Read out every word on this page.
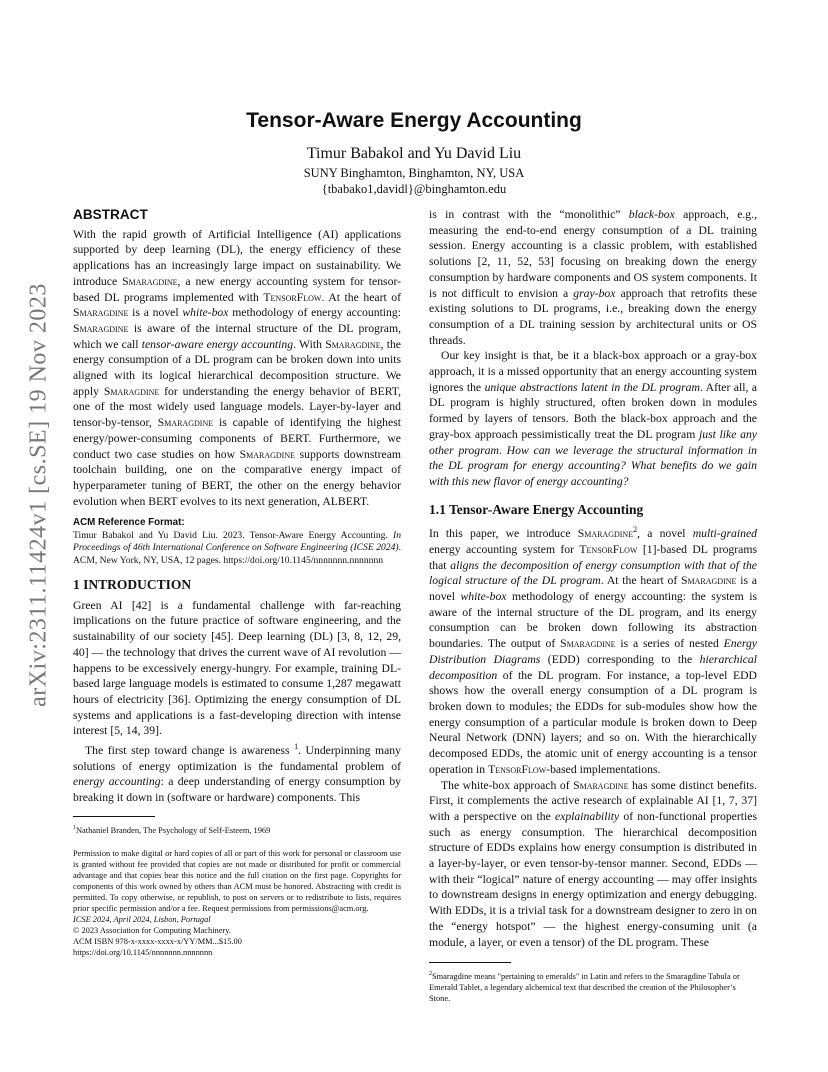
arXiv:2311.11424v1 [cs.SE] 19 Nov 2023
Tensor-Aware Energy Accounting
Timur Babakol and Yu David Liu
SUNY Binghamton, Binghamton, NY, USA
{tbabako1,davidl}@binghamton.edu
ABSTRACT

With the rapid growth of Artificial Intelligence (AI) applications supported by deep learning (DL), the energy efficiency of these applications has an increasingly large impact on sustainability. We introduce Smaragdine, a new energy accounting system for tensor-based DL programs implemented with TensorFlow. At the heart of Smaragdine is a novel white-box methodology of energy accounting: Smaragdine is aware of the internal structure of the DL program, which we call tensor-aware energy accounting. With Smaragdine, the energy consumption of a DL program can be broken down into units aligned with its logical hierarchical decomposition structure. We apply Smaragdine for understanding the energy behavior of BERT, one of the most widely used language models. Layer-by-layer and tensor-by-tensor, Smaragdine is capable of identifying the highest energy/power-consuming components of BERT. Furthermore, we conduct two case studies on how Smaragdine supports downstream toolchain building, one on the comparative energy impact of hyperparameter tuning of BERT, the other on the energy behavior evolution when BERT evolves to its next generation, ALBERT.

ACM Reference Format:
Timur Babakol and Yu David Liu. 2023. Tensor-Aware Energy Accounting. In Proceedings of 46th International Conference on Software Engineering (ICSE 2024). ACM, New York, NY, USA, 12 pages. https://doi.org/10.1145/nnnnnnn.nnnnnnn
1 INTRODUCTION

Green AI [42] is a fundamental challenge with far-reaching implications on the future practice of software engineering, and the sustainability of our society [45]. Deep learning (DL) [3, 8, 12, 29, 40] — the technology that drives the current wave of AI revolution — happens to be excessively energy-hungry. For example, training DL-based large language models is estimated to consume 1,287 megawatt hours of electricity [36]. Optimizing the energy consumption of DL systems and applications is a fast-developing direction with intense interest [5, 14, 39].

The first step toward change is awareness $^1$. Underpinning many solutions of energy optimization is the fundamental problem of energy accounting: a deep understanding of energy consumption by breaking it down in (software or hardware) components. This

$^1$Nathaniel Branden, The Psychology of Self-Esteem, 1969
Permission to make digital or hard copies of all or part of this work for personal or classroom use is granted without fee provided that copies are not made or distributed for profit or commercial advantage and that copies bear this notice and the full citation on the first page. Copyrights for components of this work owned by others than ACM must be honored. Abstracting with credit is permitted. To copy otherwise, or republish, to post on servers or to redistribute to lists, requires prior specific permission and/or a fee. Request permissions from permissions@acm.org.
ICSE 2024, April 2024, Lisbon, Portugal
© 2023 Association for Computing Machinery.
ACM ISBN 978-x-xxxx-xxxx-x/YY/MM...$15.00
https://doi.org/10.1145/nnnnnnn.nnnnnnn

is in contrast with the “monolithic” black-box approach, e.g., measuring the end-to-end energy consumption of a DL training session. Energy accounting is a classic problem, with established solutions [2, 11, 52, 53] focusing on breaking down the energy consumption by hardware components and OS system components. It is not difficult to envision a gray-box approach that retrofits these existing solutions to DL programs, i.e., breaking down the energy consumption of a DL training session by architectural units or OS threads.

Our key insight is that, be it a black-box approach or a gray-box approach, it is a missed opportunity that an energy accounting system ignores the unique abstractions latent in the DL program. After all, a DL program is highly structured, often broken down in modules formed by layers of tensors. Both the black-box approach and the gray-box approach pessimistically treat the DL program just like any other program. How can we leverage the structural information in the DL program for energy accounting? What benefits do we gain with this new flavor of energy accounting?

1.1 Tensor-Aware Energy Accounting

In this paper, we introduce Smaragdine$^2$, a novel multi-grained energy accounting system for TensorFlow [1]-based DL programs that aligns the decomposition of energy consumption with that of the logical structure of the DL program. At the heart of Smaragdine is a novel white-box methodology of energy accounting: the system is aware of the internal structure of the DL program, and its energy consumption can be broken down following its abstraction boundaries. The output of Smaragdine is a series of nested Energy Distribution Diagrams (EDD) corresponding to the hierarchical decomposition of the DL program. For instance, a top-level EDD shows how the overall energy consumption of a DL program is broken down to modules; the EDDs for sub-modules show how the energy consumption of a particular module is broken down to Deep Neural Network (DNN) layers; and so on. With the hierarchically decomposed EDDs, the atomic unit of energy accounting is a tensor operation in TensorFlow-based implementations.

The white-box approach of Smaragdine has some distinct benefits. First, it complements the active research of explainable AI [1, 7, 37] with a perspective on the explainability of non-functional properties such as energy consumption. The hierarchical decomposition structure of EDDs explains how energy consumption is distributed in a layer-by-layer, or even tensor-by-tensor manner. Second, EDDs — with their “logical” nature of energy accounting — may offer insights to downstream designs in energy optimization and energy debugging. With EDDs, it is a trivial task for a downstream designer to zero in on the “energy hotspot” — the highest energy-consuming unit (a module, a layer, or even a tensor) of the DL program. These

$^2$Smaragdine means "pertaining to emeralds" in Latin and refers to the Smaragdine Tabula or Emerald Tablet, a legendary alchemical text that described the creation of the Philosopher’s Stone.
